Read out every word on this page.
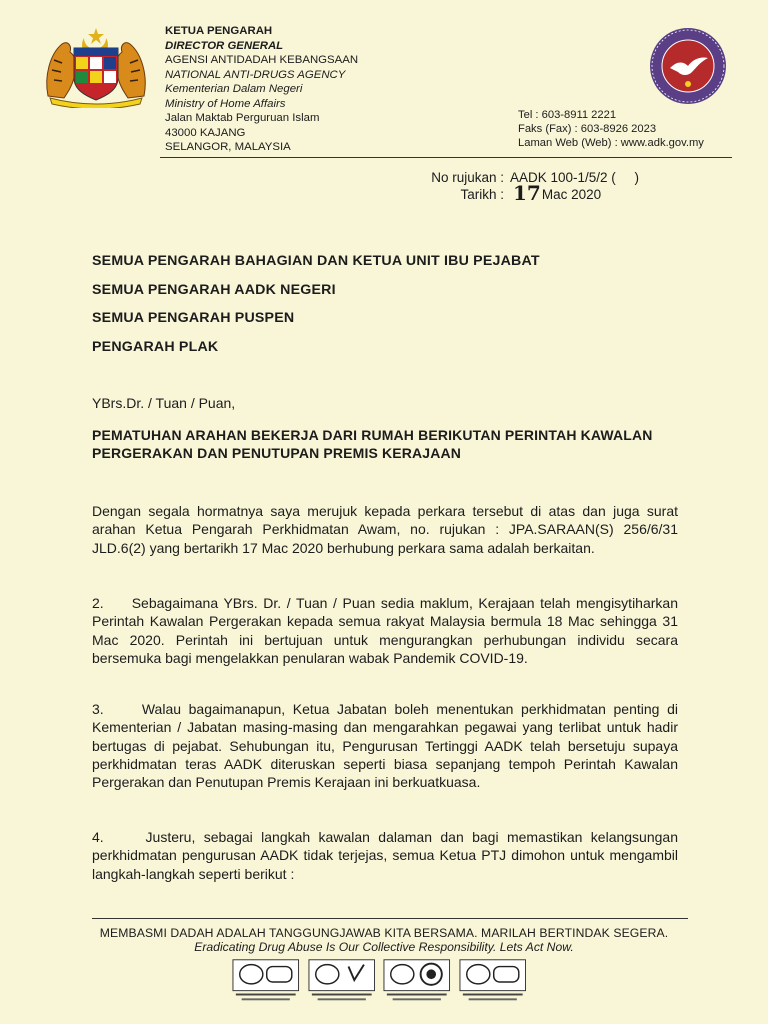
KETUA PENGARAH
DIRECTOR GENERAL
AGENSI ANTIDADAH KEBANGSAAN
NATIONAL ANTI-DRUGS AGENCY
Kementerian Dalam Negeri
Ministry of Home Affairs
Jalan Maktab Perguruan Islam
43000 KAJANG
SELANGOR, MALAYSIA
Tel : 603-8911 2221
Faks (Fax) : 603-8926 2023
Laman Web (Web) : www.adk.gov.my
No rujukan : AADK 100-1/5/2 (     )
Tarikh : 17 Mac 2020
SEMUA PENGARAH BAHAGIAN DAN KETUA UNIT IBU PEJABAT
SEMUA PENGARAH AADK NEGERI
SEMUA PENGARAH PUSPEN
PENGARAH PLAK
YBrs.Dr. / Tuan / Puan,
PEMATUHAN ARAHAN BEKERJA DARI RUMAH BERIKUTAN PERINTAH KAWALAN PERGERAKAN DAN PENUTUPAN PREMIS KERAJAAN
Dengan segala hormatnya saya merujuk kepada perkara tersebut di atas dan juga surat arahan Ketua Pengarah Perkhidmatan Awam, no. rujukan : JPA.SARAAN(S) 256/6/31 JLD.6(2) yang bertarikh 17 Mac 2020 berhubung perkara sama adalah berkaitan.
2.     Sebagaimana YBrs. Dr. / Tuan / Puan sedia maklum, Kerajaan telah mengisytiharkan Perintah Kawalan Pergerakan kepada semua rakyat Malaysia bermula 18 Mac sehingga 31 Mac 2020. Perintah ini bertujuan untuk mengurangkan perhubungan individu secara bersemuka bagi mengelakkan penularan wabak Pandemik COVID-19.
3.     Walau bagaimanapun, Ketua Jabatan boleh menentukan perkhidmatan penting di Kementerian / Jabatan masing-masing dan mengarahkan pegawai yang terlibat untuk hadir bertugas di pejabat. Sehubungan itu, Pengurusan Tertinggi AADK telah bersetuju supaya perkhidmatan teras AADK diteruskan seperti biasa sepanjang tempoh Perintah Kawalan Pergerakan dan Penutupan Premis Kerajaan ini berkuatkuasa.
4.     Justeru, sebagai langkah kawalan dalaman dan bagi memastikan kelangsungan perkhidmatan pengurusan AADK tidak terjejas, semua Ketua PTJ dimohon untuk mengambil langkah-langkah seperti berikut :
MEMBASMI DADAH ADALAH TANGGUNGJAWAB KITA BERSAMA. MARILAH BERTINDAK SEGERA.
Eradicating Drug Abuse Is Our Collective Responsibility. Lets Act Now.
